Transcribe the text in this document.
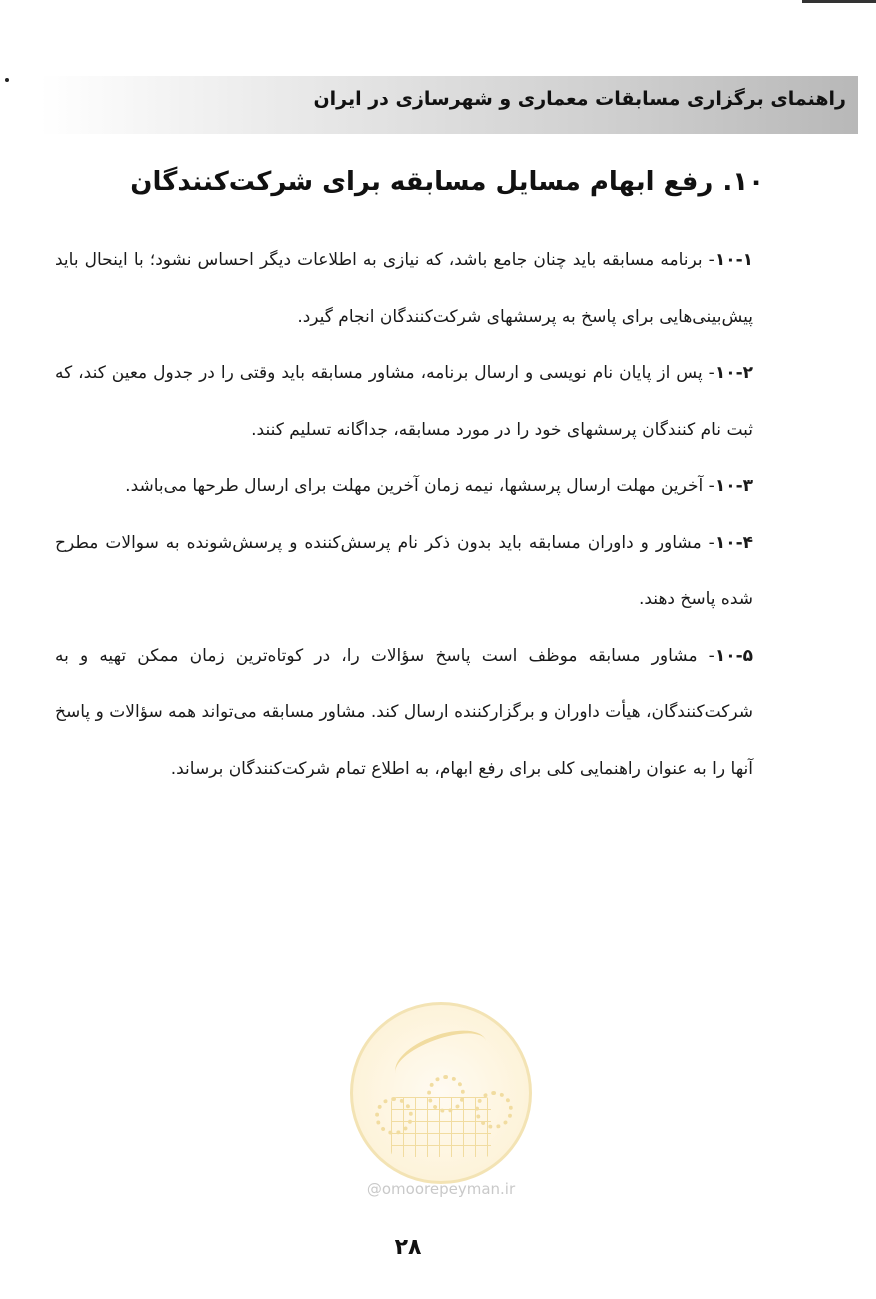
راهنمای برگزاری مسابقات معماری و شهرسازی در ایران
۱۰. رفع ابهام مسایل مسابقه برای شرکت‌کنندگان

۱۰-۱- برنامه مسابقه باید چنان جامع باشد، که نیازی به اطلاعات دیگر احساس نشود؛ با اینحال باید پیش‌بینی‌هایی برای پاسخ به پرسشهای شرکت‌کنندگان انجام گیرد.

۱۰-۲- پس از پایان نام نویسی و ارسال برنامه، مشاور مسابقه باید وقتی را در جدول معین کند، که ثبت نام کنندگان پرسشهای خود را در مورد مسابقه، جداگانه تسلیم کنند.

۱۰-۳- آخرین مهلت ارسال پرسشها، نیمه زمان آخرین مهلت برای ارسال طرحها می‌باشد.

۱۰-۴- مشاور و داوران مسابقه باید بدون ذکر نام پرسش‌کننده و پرسش‌شونده به سوالات مطرح شده پاسخ دهند.

۱۰-۵- مشاور مسابقه موظف است پاسخ سؤالات را، در کوتاه‌ترین زمان ممکن تهیه و به شرکت‌کنندگان، هیأت داوران و برگزارکننده ارسال کند. مشاور مسابقه می‌تواند همه سؤالات و پاسخ آنها را به عنوان راهنمایی کلی برای رفع ابهام، به اطلاع تمام شرکت‌کنندگان برساند.

@omoorepeyman.ir
۲۸
